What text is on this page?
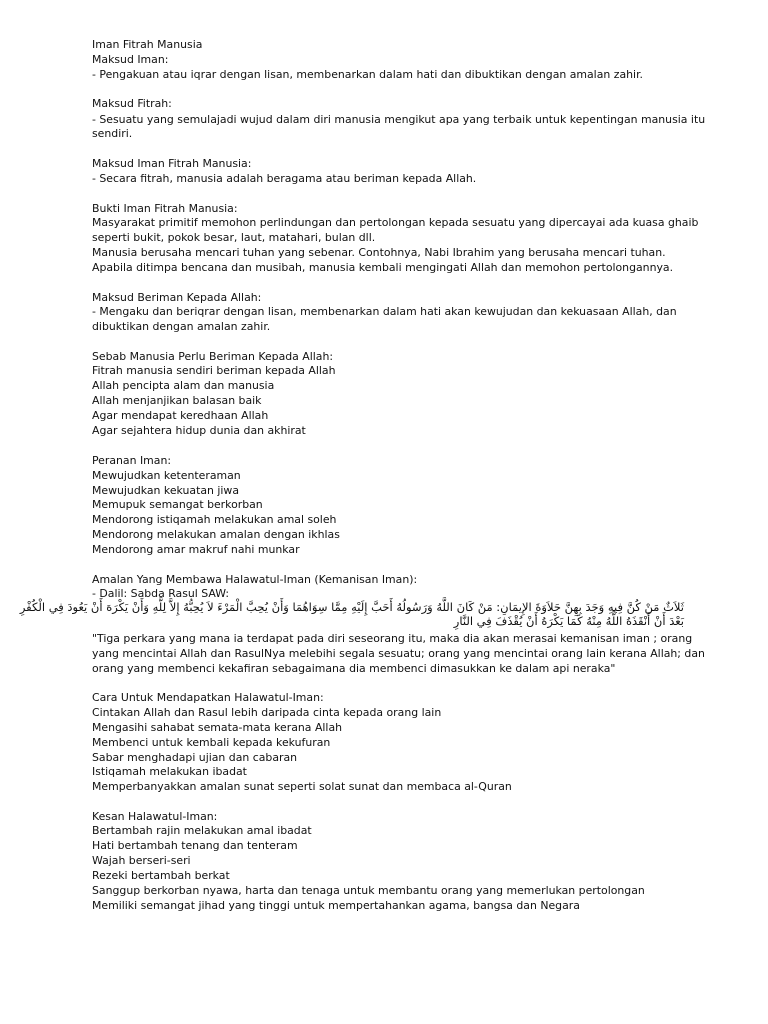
Iman Fitrah Manusia
Maksud Iman:
- Pengakuan atau iqrar dengan lisan, membenarkan dalam hati dan dibuktikan dengan amalan zahir.
Maksud Fitrah:
- Sesuatu yang semulajadi wujud dalam diri manusia mengikut apa yang terbaik untuk kepentingan manusia itu
sendiri.
Maksud Iman Fitrah Manusia:
- Secara fitrah, manusia adalah beragama atau beriman kepada Allah.
Bukti Iman Fitrah Manusia:
Masyarakat primitif memohon perlindungan dan pertolongan kepada sesuatu yang dipercayai ada kuasa ghaib
seperti bukit, pokok besar, laut, matahari, bulan dll.
Manusia berusaha mencari tuhan yang sebenar. Contohnya, Nabi Ibrahim yang berusaha mencari tuhan.
Apabila ditimpa bencana dan musibah, manusia kembali mengingati Allah dan memohon pertolongannya.
Maksud Beriman Kepada Allah:
- Mengaku dan beriqrar dengan lisan, membenarkan dalam hati akan kewujudan dan kekuasaan Allah, dan
dibuktikan dengan amalan zahir.
Sebab Manusia Perlu Beriman Kepada Allah:
Fitrah manusia sendiri beriman kepada Allah
Allah pencipta alam dan manusia
Allah menjanjikan balasan baik
Agar mendapat keredhaan Allah
Agar sejahtera hidup dunia dan akhirat
Peranan Iman:
Mewujudkan ketenteraman
Mewujudkan kekuatan jiwa
Memupuk semangat berkorban
Mendorong istiqamah melakukan amal soleh
Mendorong melakukan amalan dengan ikhlas
Mendorong amar makruf nahi munkar
Amalan Yang Membawa Halawatul-Iman (Kemanisan Iman):
- Dalil: Sabda Rasul SAW:
ثَلاَثٌ مَنْ كُنَّ فِيهِ وَجَدَ بِهِنَّ حَلاَوَةَ الإِيمَانِ: مَنْ كَانَ اللَّهُ وَرَسُولُهُ أَحَبَّ إِلَيْهِ مِمَّا سِوَاهُمَا وَأَنْ يُحِبَّ الْمَرْءَ لاَ يُحِبُّهُ إِلاَّ لِلَّهِ وَأَنْ يَكْرَهَ أَنْ يَعُودَ فِي الْكُفْرِ
بَعْدَ أَنْ أَنْقَذَهُ اللَّهُ مِنْهُ كَمَا يَكْرَهُ أَنْ يُقْذَفَ فِي النَّارِ
"Tiga perkara yang mana ia terdapat pada diri seseorang itu, maka dia akan merasai kemanisan iman ; orang
yang mencintai Allah dan RasulNya melebihi segala sesuatu; orang yang mencintai orang lain kerana Allah; dan
orang yang membenci kekafiran sebagaimana dia membenci dimasukkan ke dalam api neraka"
Cara Untuk Mendapatkan Halawatul-Iman:
Cintakan Allah dan Rasul lebih daripada cinta kepada orang lain
Mengasihi sahabat semata-mata kerana Allah
Membenci untuk kembali kepada kekufuran
Sabar menghadapi ujian dan cabaran
Istiqamah melakukan ibadat
Memperbanyakkan amalan sunat seperti solat sunat dan membaca al-Quran
Kesan Halawatul-Iman:
Bertambah rajin melakukan amal ibadat
Hati bertambah tenang dan tenteram
Wajah berseri-seri
Rezeki bertambah berkat
Sanggup berkorban nyawa, harta dan tenaga untuk membantu orang yang memerlukan pertolongan
Memiliki semangat jihad yang tinggi untuk mempertahankan agama, bangsa dan Negara
